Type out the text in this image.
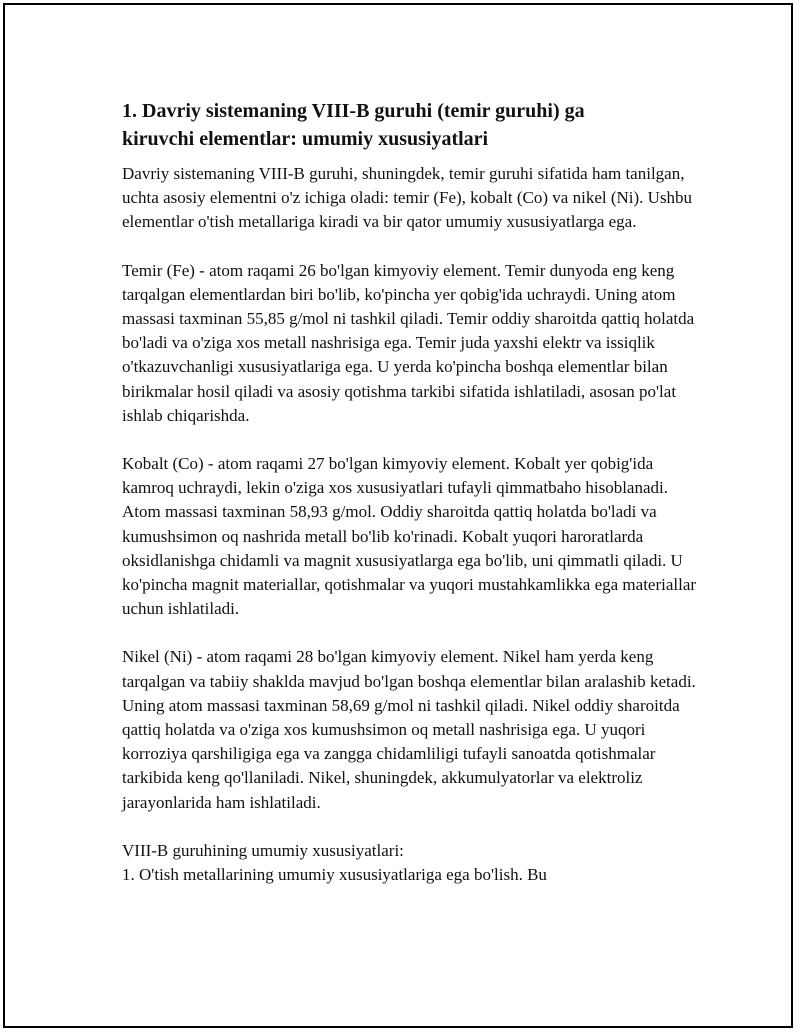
1. Davriy sistemaning VIII-B guruhi (temir guruhi) ga
kiruvchi elementlar: umumiy xususiyatlari

Davriy sistemaning VIII-B guruhi, shuningdek, temir guruhi sifatida ham tanilgan, uchta asosiy elementni o'z ichiga oladi: temir (Fe), kobalt (Co) va nikel (Ni). Ushbu elementlar o'tish metallariga kiradi va bir qator umumiy xususiyatlarga ega.

Temir (Fe) - atom raqami 26 bo'lgan kimyoviy element. Temir dunyoda eng keng tarqalgan elementlardan biri bo'lib, ko'pincha yer qobig'ida uchraydi. Uning atom massasi taxminan 55,85 g/mol ni tashkil qiladi. Temir oddiy sharoitda qattiq holatda bo'ladi va o'ziga xos metall nashrisiga ega. Temir juda yaxshi elektr va issiqlik o'tkazuvchanligi xususiyatlariga ega. U yerda ko'pincha boshqa elementlar bilan birikmalar hosil qiladi va asosiy qotishma tarkibi sifatida ishlatiladi, asosan po'lat ishlab chiqarishda.

Kobalt (Co) - atom raqami 27 bo'lgan kimyoviy element. Kobalt yer qobig'ida kamroq uchraydi, lekin o'ziga xos xususiyatlari tufayli qimmatbaho hisoblanadi. Atom massasi taxminan 58,93 g/mol. Oddiy sharoitda qattiq holatda bo'ladi va kumushsimon oq nashrida metall bo'lib ko'rinadi. Kobalt yuqori haroratlarda oksidlanishga chidamli va magnit xususiyatlarga ega bo'lib, uni qimmatli qiladi. U ko'pincha magnit materiallar, qotishmalar va yuqori mustahkamlikka ega materiallar uchun ishlatiladi.

Nikel (Ni) - atom raqami 28 bo'lgan kimyoviy element. Nikel ham yerda keng tarqalgan va tabiiy shaklda mavjud bo'lgan boshqa elementlar bilan aralashib ketadi. Uning atom massasi taxminan 58,69 g/mol ni tashkil qiladi. Nikel oddiy sharoitda qattiq holatda va o'ziga xos kumushsimon oq metall nashrisiga ega. U yuqori korroziya qarshiligiga ega va zangga chidamliligi tufayli sanoatda qotishmalar tarkibida keng qo'llaniladi. Nikel, shuningdek, akkumulyatorlar va elektroliz jarayonlarida ham ishlatiladi.

VIII-B guruhining umumiy xususiyatlari:

1. O'tish metallarining umumiy xususiyatlariga ega bo'lish. Bu
